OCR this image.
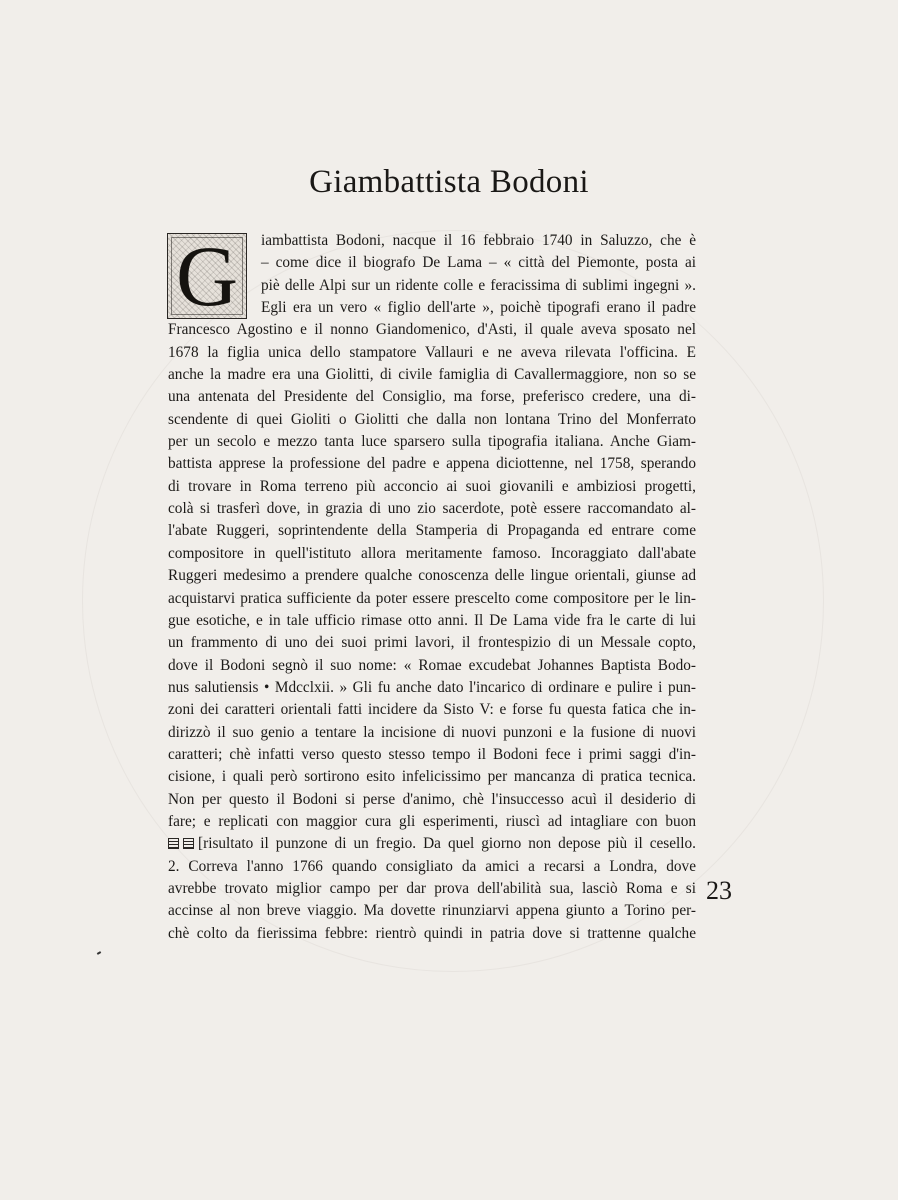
Giambattista Bodoni
G	iambattista Bodoni, nacque il 16 febbraio 1740 in Saluzzo, che è
– come dice il biografo De Lama – « città del Piemonte, posta ai
piè delle Alpi sur un ridente colle e feracissima di sublimi ingegni ».
Egli era un vero « figlio dell'arte », poichè tipografi erano il padre
Francesco Agostino e il nonno Giandomenico, d'Asti, il quale aveva sposato nel
1678 la figlia unica dello stampatore Vallauri e ne aveva rilevata l'officina. E
anche la madre era una Giolitti, di civile famiglia di Cavallermaggiore, non so se
una antenata del Presidente del Consiglio, ma forse, preferisco credere, una di-
scendente di quei Gioliti o Giolitti che dalla non lontana Trino del Monferrato
per un secolo e mezzo tanta luce sparsero sulla tipografia italiana. Anche Giam-
battista apprese la professione del padre e appena diciottenne, nel 1758, sperando
di trovare in Roma terreno più acconcio ai suoi giovanili e ambiziosi progetti,
colà si trasferì dove, in grazia di uno zio sacerdote, potè essere raccomandato al-
l'abate Ruggeri, soprintendente della Stamperia di Propaganda ed entrare come
compositore in quell'istituto allora meritamente famoso. Incoraggiato dall'abate
Ruggeri medesimo a prendere qualche conoscenza delle lingue orientali, giunse ad
acquistarvi pratica sufficiente da poter essere prescelto come compositore per le lin-
gue esotiche, e in tale ufficio rimase otto anni. Il De Lama vide fra le carte di lui
un frammento di uno dei suoi primi lavori, il frontespizio di un Messale copto,
dove il Bodoni segnò il suo nome: « Romae excudebat Johannes Baptista Bodo-
nus salutiensis • Mdcclxii. » Gli fu anche dato l'incarico di ordinare e pulire i pun-
zoni dei caratteri orientali fatti incidere da Sisto V: e forse fu questa fatica che in-
dirizzò il suo genio a tentare la incisione di nuovi punzoni e la fusione di nuovi
caratteri; chè infatti verso questo stesso tempo il Bodoni fece i primi saggi d'in-
cisione, i quali però sortirono esito infelicissimo per mancanza di pratica tecnica.
Non per questo il Bodoni si perse d'animo, chè l'insuccesso acuì il desiderio di
fare; e replicati con maggior cura gli esperimenti, riuscì ad intagliare con buon
[risultato il punzone di un fregio. Da quel giorno non depose più il cesello.
2. Correva l'anno 1766 quando consigliato da amici a recarsi a Londra, dove
avrebbe trovato miglior campo per dar prova dell'abilità sua, lasciò Roma e si
accinse al non breve viaggio. Ma dovette rinunziarvi appena giunto a Torino per-
chè colto da fierissima febbre: rientrò quindi in patria dove si trattenne qualche
23
